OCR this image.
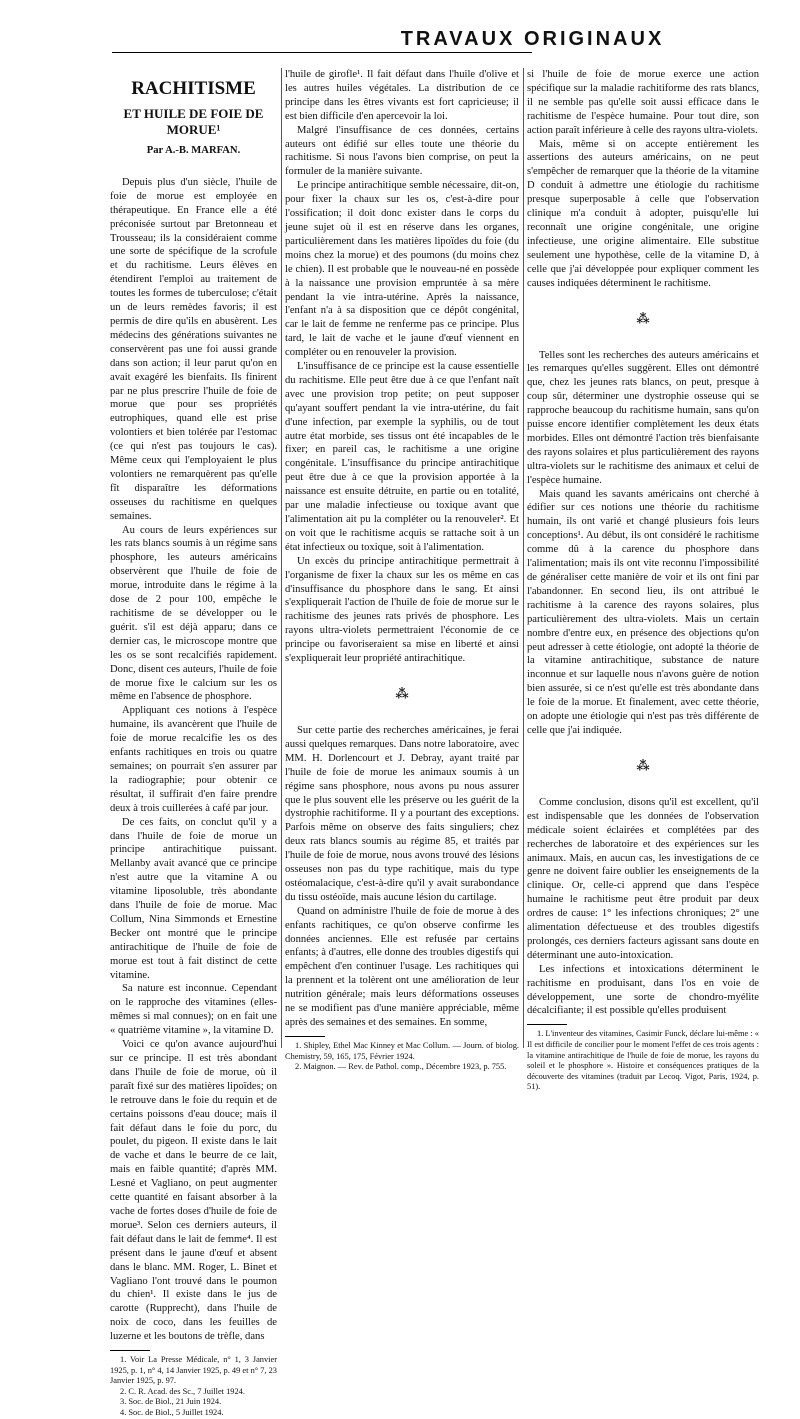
TRAVAUX ORIGINAUX
RACHITISME
ET HUILE DE FOIE DE MORUE¹
Par A.-B. MARFAN.

Depuis plus d'un siècle, l'huile de foie de morue est employée en thérapeutique. En France elle a été préconisée surtout par Bretonneau et Trousseau; ils la considéraient comme une sorte de spécifique de la scrofule et du rachitisme. Leurs élèves en étendirent l'emploi au traitement de toutes les formes de tuberculose; c'était un de leurs remèdes favoris; il est permis de dire qu'ils en abusèrent. Les médecins des générations suivantes ne conservèrent pas une foi aussi grande dans son action; il leur parut qu'on en avait exagéré les bienfaits. Ils finirent par ne plus prescrire l'huile de foie de morue que pour ses propriétés eutrophiques, quand elle est prise volontiers et bien tolérée par l'estomac (ce qui n'est pas toujours le cas). Même ceux qui l'employaient le plus volontiers ne remarquèrent pas qu'elle fît disparaître les déformations osseuses du rachitisme en quelques semaines.

Au cours de leurs expériences sur les rats blancs soumis à un régime sans phosphore, les auteurs américains observèrent que l'huile de foie de morue, introduite dans le régime à la dose de 2 pour 100, empêche le rachitisme de se développer ou le guérit. s'il est déjà apparu; dans ce dernier cas, le microscope montre que les os se sont recalcifiés rapidement. Donc, disent ces auteurs, l'huile de foie de morue fixe le calcium sur les os même en l'absence de phosphore.

Appliquant ces notions à l'espèce humaine, ils avancèrent que l'huile de foie de morue recalcifie les os des enfants rachitiques en trois ou quatre semaines; on pourrait s'en assurer par la radiographie; pour obtenir ce résultat, il suffirait d'en faire prendre deux à trois cuillerées à café par jour.

De ces faits, on conclut qu'il y a dans l'huile de foie de morue un principe antirachitique puissant. Mellanby avait avancé que ce principe n'est autre que la vitamine A ou vitamine liposoluble, très abondante dans l'huile de foie de morue. Mac Collum, Nina Simmonds et Ernestine Becker ont montré que le principe antirachitique de l'huile de foie de morue est tout à fait distinct de cette vitamine.

Sa nature est inconnue. Cependant on le rapproche des vitamines (elles-mêmes si mal connues); on en fait une « quatrième vitamine », la vitamine D.

Voici ce qu'on avance aujourd'hui sur ce principe. Il est très abondant dans l'huile de foie de morue, où il paraît fixé sur des matières lipoïdes; on le retrouve dans le foie du requin et de certains poissons d'eau douce; mais il fait défaut dans le foie du porc, du poulet, du pigeon. Il existe dans le lait de vache et dans le beurre de ce lait, mais en faible quantité; d'après MM. Lesné et Vagliano, on peut augmenter cette quantité en faisant absorber à la vache de fortes doses d'huile de foie de morue³. Selon ces derniers auteurs, il fait défaut dans le lait de femme⁴. Il est présent dans le jaune d'œuf et absent dans le blanc. MM. Roger, L. Binet et Vagliano l'ont trouvé dans le poumon du chien¹. Il existe dans le jus de carotte (Rupprecht), dans l'huile de noix de coco, dans les feuilles de luzerne et les boutons de trèfle, dans

1. Voir La Presse Médicale, n° 1, 3 Janvier 1925, p. 1, n° 4, 14 Janvier 1925, p. 49 et n° 7, 23 Janvier 1925, p. 97.
2. C. R. Acad. des Sc., 7 Juillet 1924.
3. Soc. de Biol., 21 Juin 1924.
4. Soc. de Biol., 5 Juillet 1924.

l'huile de girofle¹. Il fait défaut dans l'huile d'olive et les autres huiles végétales. La distribution de ce principe dans les êtres vivants est fort capricieuse; il est bien difficile d'en apercevoir la loi.

Malgré l'insuffisance de ces données, certains auteurs ont édifié sur elles toute une théorie du rachitisme. Si nous l'avons bien comprise, on peut la formuler de la manière suivante.

Le principe antirachitique semble nécessaire, dit-on, pour fixer la chaux sur les os, c'est-à-dire pour l'ossification; il doit donc exister dans le corps du jeune sujet où il est en réserve dans les organes, particulièrement dans les matières lipoïdes du foie (du moins chez la morue) et des poumons (du moins chez le chien). Il est probable que le nouveau-né en possède à la naissance une provision empruntée à sa mère pendant la vie intra-utérine. Après la naissance, l'enfant n'a à sa disposition que ce dépôt congénital, car le lait de femme ne renferme pas ce principe. Plus tard, le lait de vache et le jaune d'œuf viennent en compléter ou en renouveler la provision.

L'insuffisance de ce principe est la cause essentielle du rachitisme. Elle peut être due à ce que l'enfant naît avec une provision trop petite; on peut supposer qu'ayant souffert pendant la vie intra-utérine, du fait d'une infection, par exemple la syphilis, ou de tout autre état morbide, ses tissus ont été incapables de le fixer; en pareil cas, le rachitisme a une origine congénitale. L'insuffisance du principe antirachitique peut être due à ce que la provision apportée à la naissance est ensuite détruite, en partie ou en totalité, par une maladie infectieuse ou toxique avant que l'alimentation ait pu la compléter ou la renouveler². Et on voit que le rachitisme acquis se rattache soit à un état infectieux ou toxique, soit à l'alimentation.

Un excès du principe antirachitique permettrait à l'organisme de fixer la chaux sur les os même en cas d'insuffisance du phosphore dans le sang. Et ainsi s'expliquerait l'action de l'huile de foie de morue sur le rachitisme des jeunes rats privés de phosphore. Les rayons ultra-violets permettraient l'économie de ce principe ou favoriseraient sa mise en liberté et ainsi s'expliquerait leur propriété antirachitique.

⁂

Sur cette partie des recherches américaines, je ferai aussi quelques remarques. Dans notre laboratoire, avec MM. H. Dorlencourt et J. Debray, ayant traité par l'huile de foie de morue les animaux soumis à un régime sans phosphore, nous avons pu nous assurer que le plus souvent elle les préserve ou les guérit de la dystrophie rachitiforme. Il y a pourtant des exceptions. Parfois même on observe des faits singuliers; chez deux rats blancs soumis au régime 85, et traités par l'huile de foie de morue, nous avons trouvé des lésions osseuses non pas du type rachitique, mais du type ostéomalacique, c'est-à-dire qu'il y avait surabondance du tissu ostéoïde, mais aucune lésion du cartilage.

Quand on administre l'huile de foie de morue à des enfants rachitiques, ce qu'on observe confirme les données anciennes. Elle est refusée par certains enfants; à d'autres, elle donne des troubles digestifs qui empêchent d'en continuer l'usage. Les rachitiques qui la prennent et la tolèrent ont une amélioration de leur nutrition générale; mais leurs déformations osseuses ne se modifient pas d'une manière appréciable, même après des semaines et des semaines. En somme,

1. Shipley, Ethel Mac Kinney et Mac Collum. — Journ. of biolog. Chemistry, 59, 165, 175, Février 1924.
2. Maignon. — Rev. de Pathol. comp., Décembre 1923, p. 755.

si l'huile de foie de morue exerce une action spécifique sur la maladie rachitiforme des rats blancs, il ne semble pas qu'elle soit aussi efficace dans le rachitisme de l'espèce humaine. Pour tout dire, son action paraît inférieure à celle des rayons ultra-violets.

Mais, même si on accepte entièrement les assertions des auteurs américains, on ne peut s'empêcher de remarquer que la théorie de la vitamine D conduit à admettre une étiologie du rachitisme presque superposable à celle que l'observation clinique m'a conduit à adopter, puisqu'elle lui reconnaît une origine congénitale, une origine infectieuse, une origine alimentaire. Elle substitue seulement une hypothèse, celle de la vitamine D, à celle que j'ai développée pour expliquer comment les causes indiquées déterminent le rachitisme.

⁂

Telles sont les recherches des auteurs américains et les remarques qu'elles suggèrent. Elles ont démontré que, chez les jeunes rats blancs, on peut, presque à coup sûr, déterminer une dystrophie osseuse qui se rapproche beaucoup du rachitisme humain, sans qu'on puisse encore identifier complètement les deux états morbides. Elles ont démontré l'action très bienfaisante des rayons solaires et plus particulièrement des rayons ultra-violets sur le rachitisme des animaux et celui de l'espèce humaine.

Mais quand les savants américains ont cherché à édifier sur ces notions une théorie du rachitisme humain, ils ont varié et changé plusieurs fois leurs conceptions¹. Au début, ils ont considéré le rachitisme comme dû à la carence du phosphore dans l'alimentation; mais ils ont vite reconnu l'impossibilité de généraliser cette manière de voir et ils ont fini par l'abandonner. En second lieu, ils ont attribué le rachitisme à la carence des rayons solaires, plus particulièrement des ultra-violets. Mais un certain nombre d'entre eux, en présence des objections qu'on peut adresser à cette étiologie, ont adopté la théorie de la vitamine antirachitique, substance de nature inconnue et sur laquelle nous n'avons guère de notion bien assurée, si ce n'est qu'elle est très abondante dans le foie de la morue. Et finalement, avec cette théorie, on adopte une étiologie qui n'est pas très différente de celle que j'ai indiquée.

⁂

Comme conclusion, disons qu'il est excellent, qu'il est indispensable que les données de l'observation médicale soient éclairées et complétées par des recherches de laboratoire et des expériences sur les animaux. Mais, en aucun cas, les investigations de ce genre ne doivent faire oublier les enseignements de la clinique. Or, celle-ci apprend que dans l'espèce humaine le rachitisme peut être produit par deux ordres de cause: 1° les infections chroniques; 2° une alimentation défectueuse et des troubles digestifs prolongés, ces derniers facteurs agissant sans doute en déterminant une auto-intoxication.

Les infections et intoxications déterminent le rachitisme en produisant, dans l'os en voie de développement, une sorte de chondro-myélite décalcifiante; il est possible qu'elles produisent

1. L'inventeur des vitamines, Casimir Funck, déclare lui-même : « Il est difficile de concilier pour le moment l'effet de ces trois agents : la vitamine antirachitique de l'huile de foie de morue, les rayons du soleil et le phosphore ». Histoire et conséquences pratiques de la découverte des vitamines (traduit par Lecoq. Vigot, Paris, 1924, p. 51).
